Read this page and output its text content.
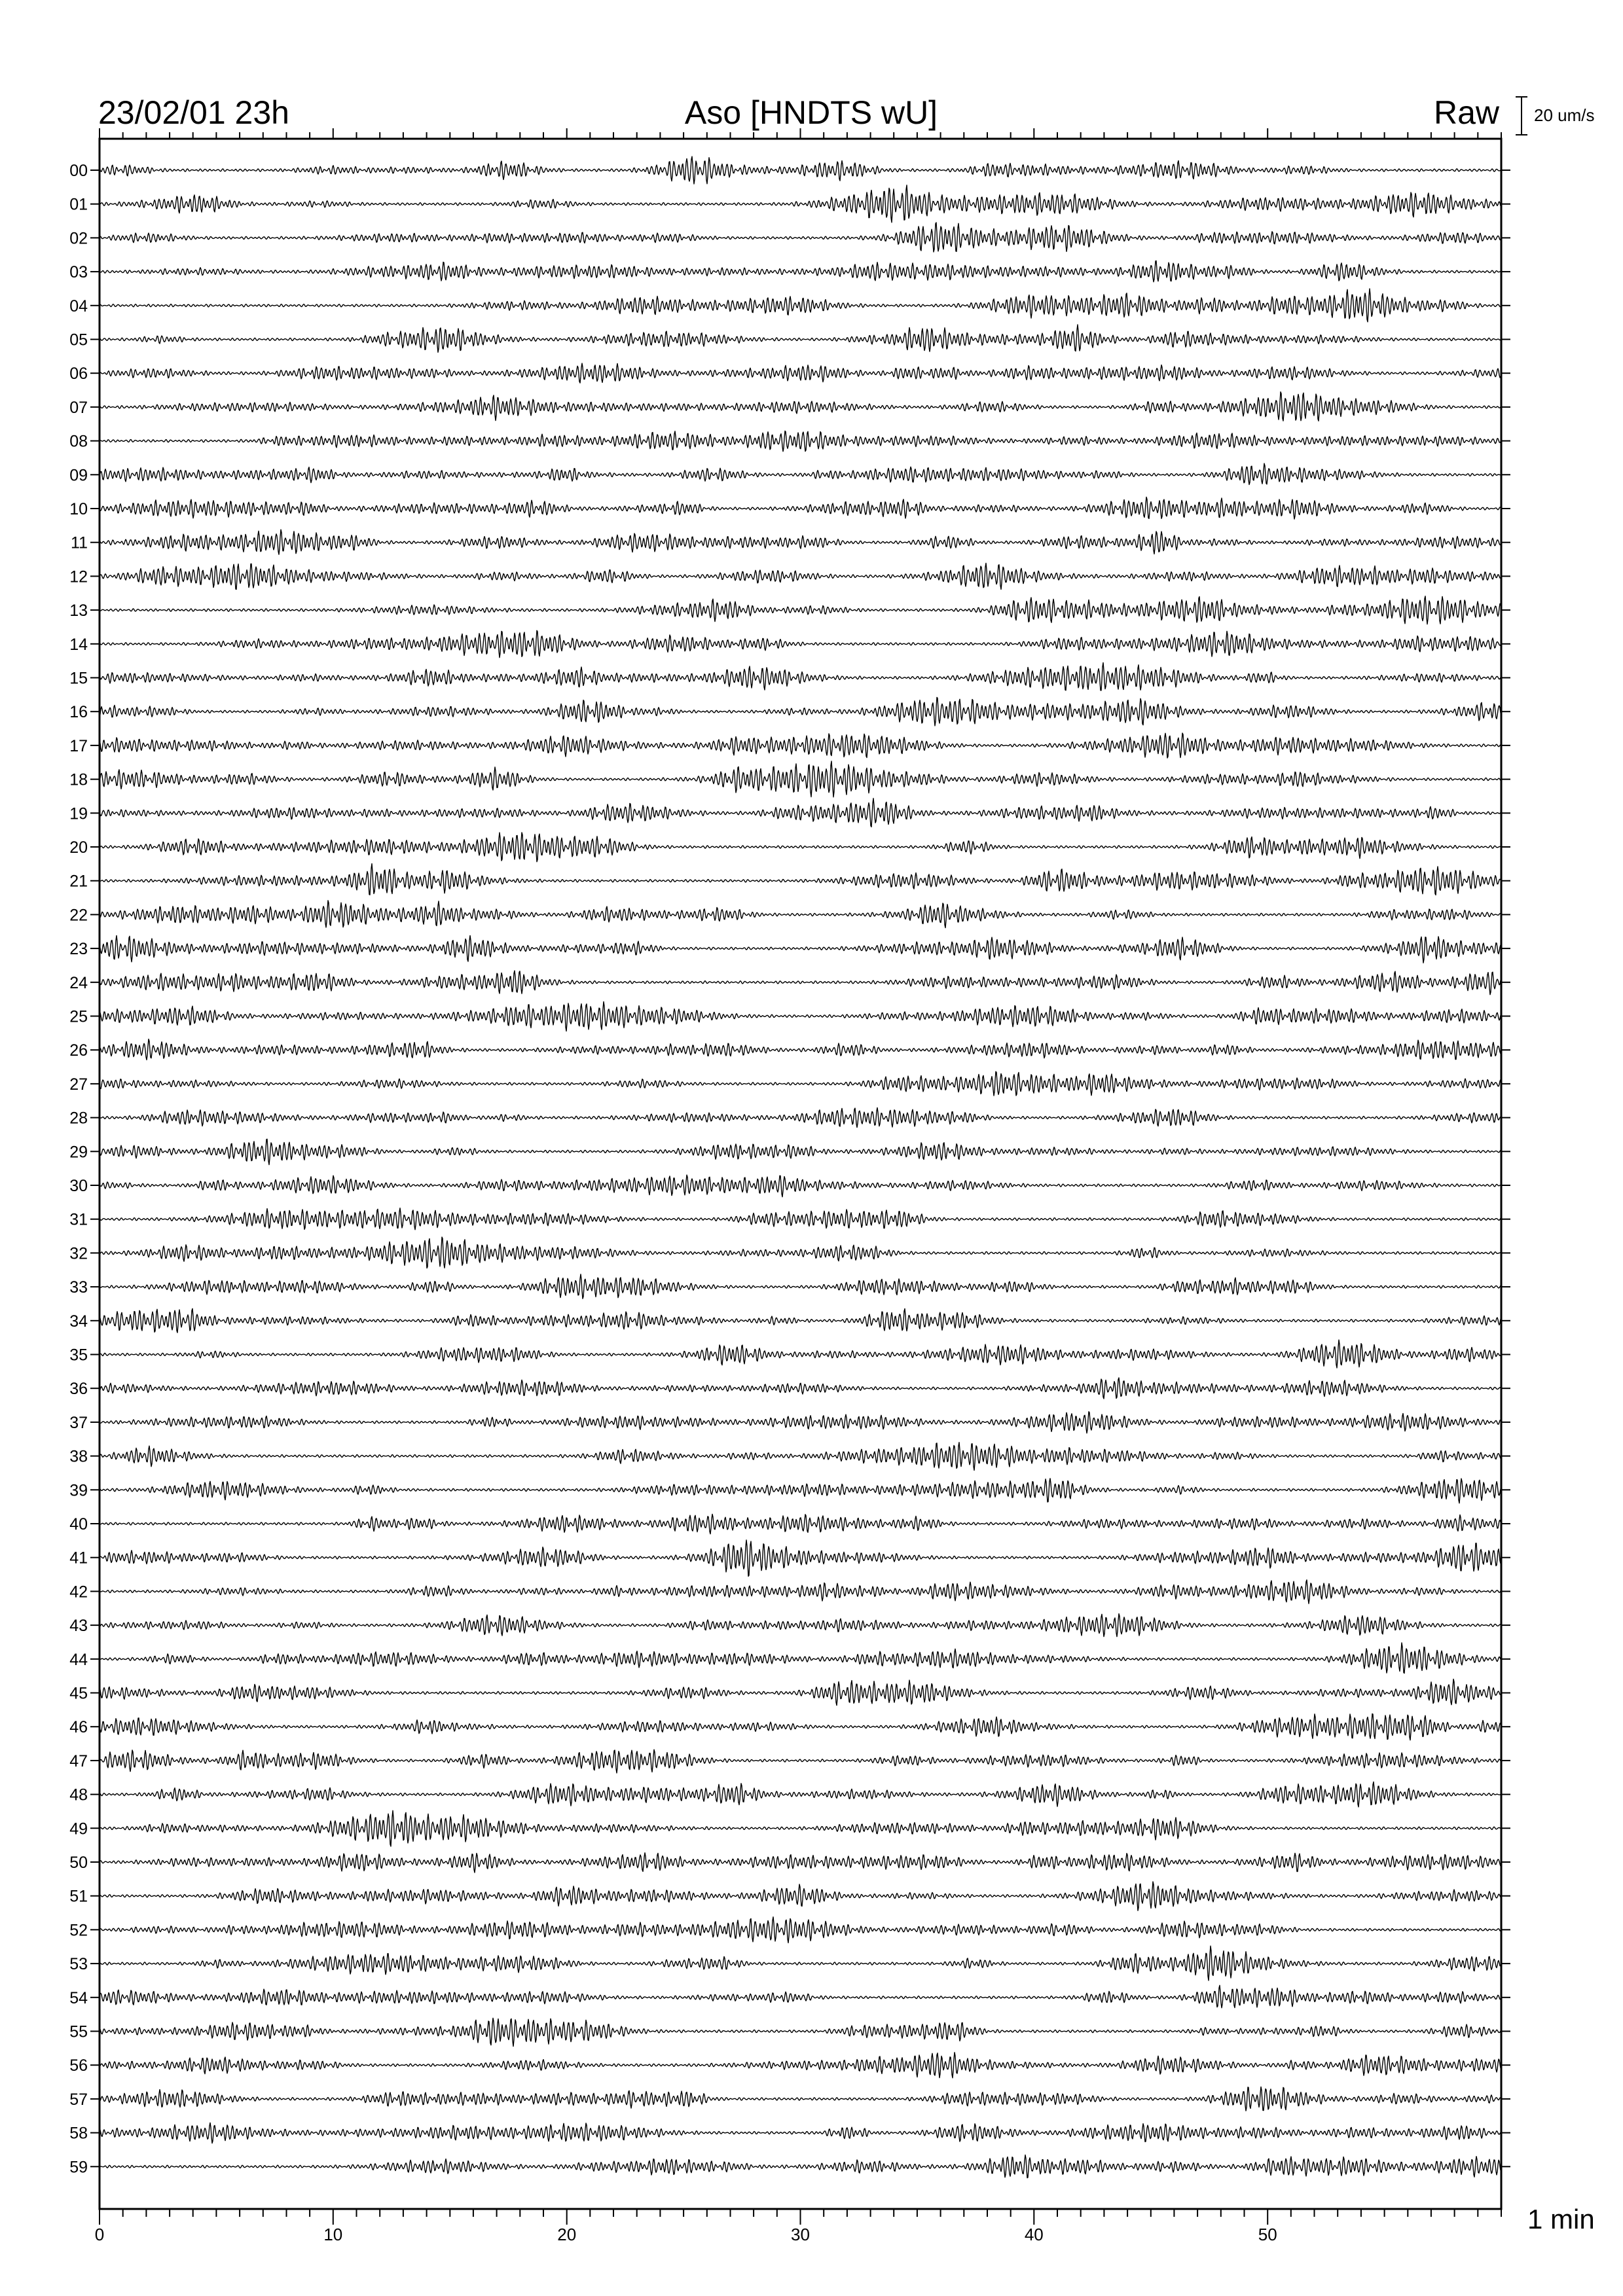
0	10	20	30	40	50
00
01
02
03
04
05
06
07
08
09
10
11
12
13
14
15
16
17
18
19
20
21
22
23
24
25
26
27
28
29
30
31
32
33
34
35
36
37
38
39
40
41
42
43
44
45
46
47
48
49
50
51
52
53
54
55
56
57
58
59
23/02/01 23h	Aso [HNDTS wU]	Raw 20 um/s
1 min
